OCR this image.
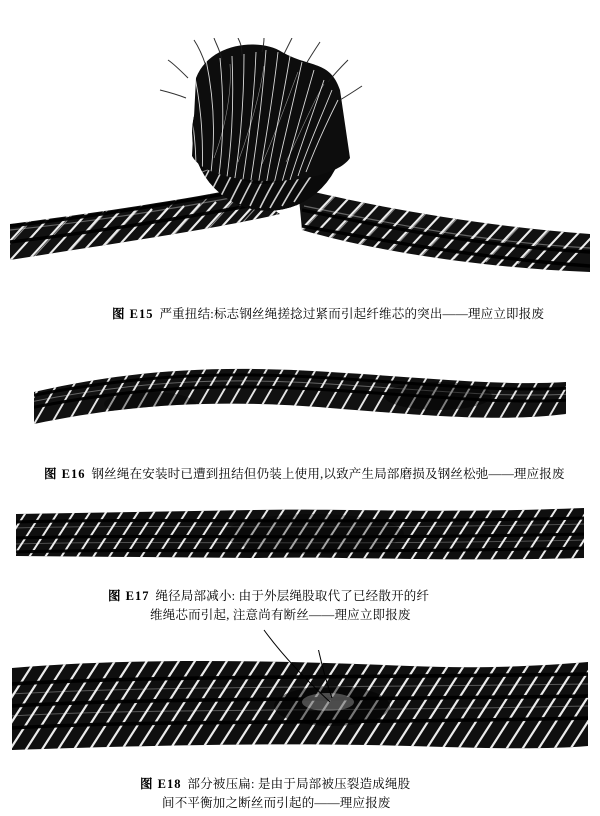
图 E15 严重扭结:标志钢丝绳搓捻过紧而引起纤维芯的突出——理应立即报废
图 E16 钢丝绳在安装时已遭到扭结但仍装上使用,以致产生局部磨损及钢丝松弛——理应报废
图 E17 绳径局部减小: 由于外层绳股取代了已经散开的纤
维绳芯而引起, 注意尚有断丝——理应立即报废
图 E18 部分被压扁: 是由于局部被压裂造成绳股
间不平衡加之断丝而引起的——理应报废
